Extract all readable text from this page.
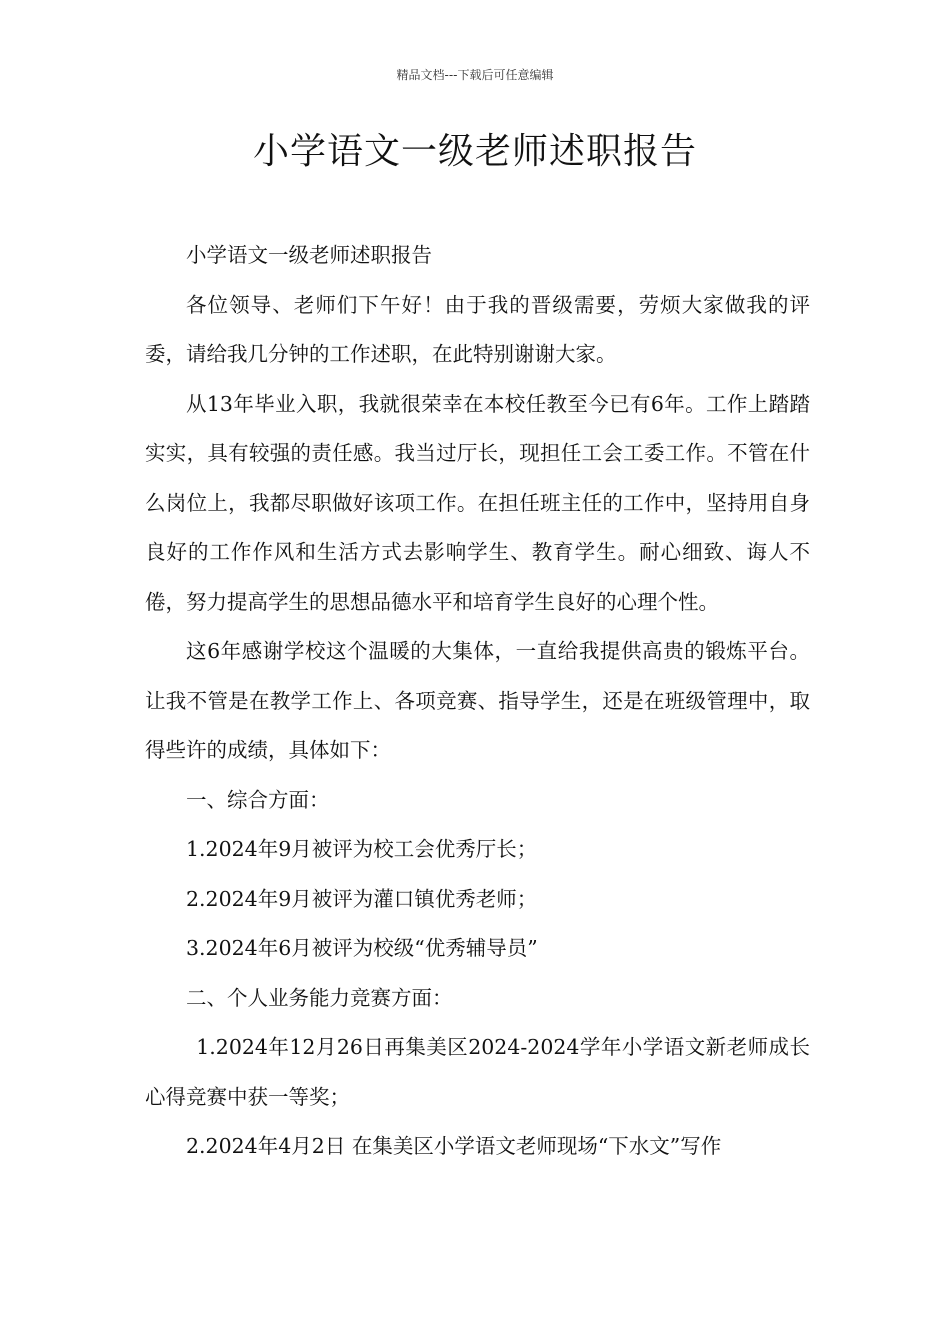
精品文档---下载后可任意编辑
小学语文一级老师述职报告

小学语文一级老师述职报告

各位领导、老师们下午好！由于我的晋级需要，劳烦大家做我的评委，请给我几分钟的工作述职，在此特别谢谢大家。

从13年毕业入职，我就很荣幸在本校任教至今已有6年。工作上踏踏实实，具有较强的责任感。我当过厅长，现担任工会工委工作。不管在什么岗位上，我都尽职做好该项工作。在担任班主任的工作中，坚持用自身良好的工作作风和生活方式去影响学生、教育学生。耐心细致、诲人不倦，努力提高学生的思想品德水平和培育学生良好的心理个性。

这6年感谢学校这个温暖的大集体，一直给我提供高贵的锻炼平台。让我不管是在教学工作上、各项竞赛、指导学生，还是在班级管理中，取得些许的成绩，具体如下：

一、综合方面：

1.2024年9月被评为校工会优秀厅长；

2.2024年9月被评为灌口镇优秀老师；

3.2024年6月被评为校级“优秀辅导员”

二、个人业务能力竞赛方面：

1.2024年12月26日再集美区2024-2024学年小学语文新老师成长心得竞赛中获一等奖；

2.2024年4月2日 在集美区小学语文老师现场“下水文”写作
